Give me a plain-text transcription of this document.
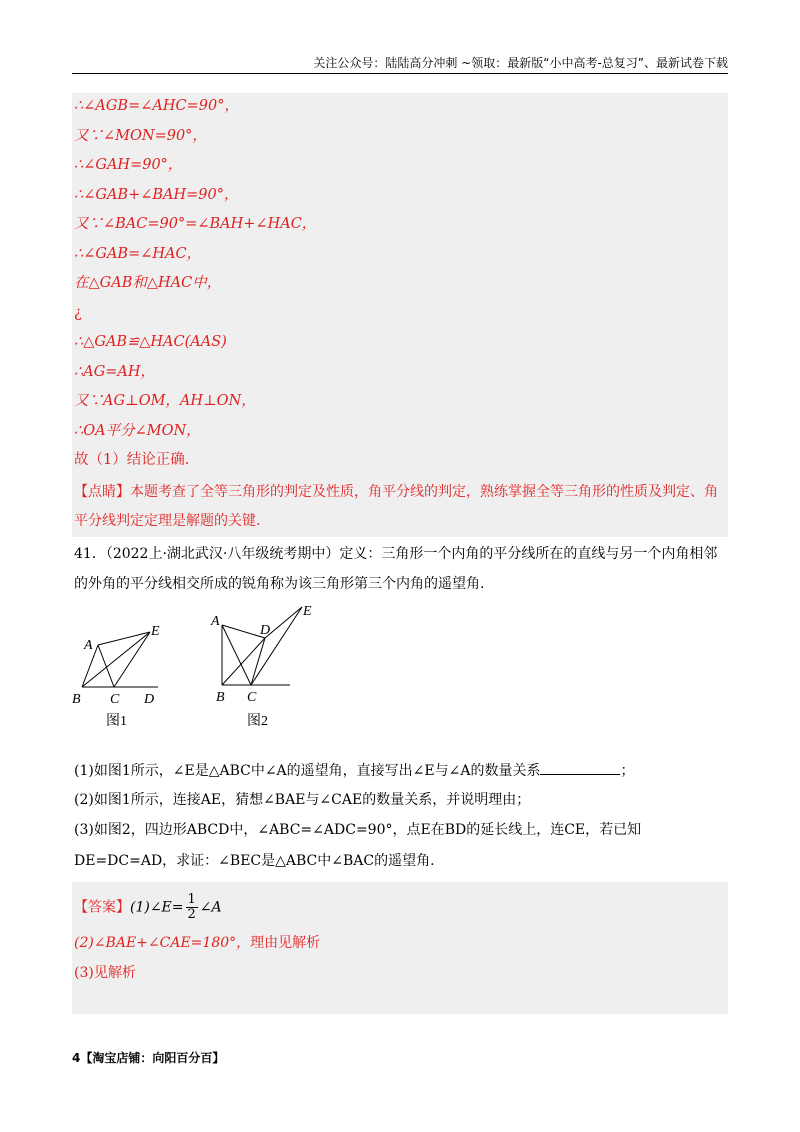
关注公众号：陆陆高分冲刺 ~领取：最新版“小中高考-总复习”、最新试卷下载
∴∠AGB=∠AHC=90°，
又∵∠MON=90°，
∴∠GAH=90°，
∴∠GAB+∠BAH=90°，
又∵∠BAC=90°=∠BAH+∠HAC，
∴∠GAB=∠HAC，
在△GAB和△HAC中，
¿
∴△GAB≌△HAC(AAS)
∴AG=AH，
又∵AG⊥OM，AH⊥ON，
∴OA平分∠MON，
故（1）结论正确.
【点睛】本题考查了全等三角形的判定及性质，角平分线的判定，熟练掌握全等三角形的性质及判定、角
平分线判定定理是解题的关键.
41．（2022上·湖北武汉·八年级统考期中）定义：三角形一个内角的平分线所在的直线与另一个内角相邻
的外角的平分线相交所成的锐角称为该三角形第三个内角的遥望角.
A
E
B C D
图1
A
D
E
B C
图2
(1)如图1所示，∠E是△ABC中∠A的遥望角，直接写出∠E与∠A的数量关系	；
(2)如图1所示，连接AE，猜想∠BAE与∠CAE的数量关系，并说明理由；
(3)如图2，四边形ABCD中，∠ABC=∠ADC=90°，点E在BD的延长线上，连CE，若已知
DE=DC=AD，求证：∠BEC是△ABC中∠BAC的遥望角.
【答案】(1)∠E= $\frac{1}{2}$ ∠A
(2)∠BAE+∠CAE=180°，理由见解析
(3)见解析
4【淘宝店铺：向阳百分百】
